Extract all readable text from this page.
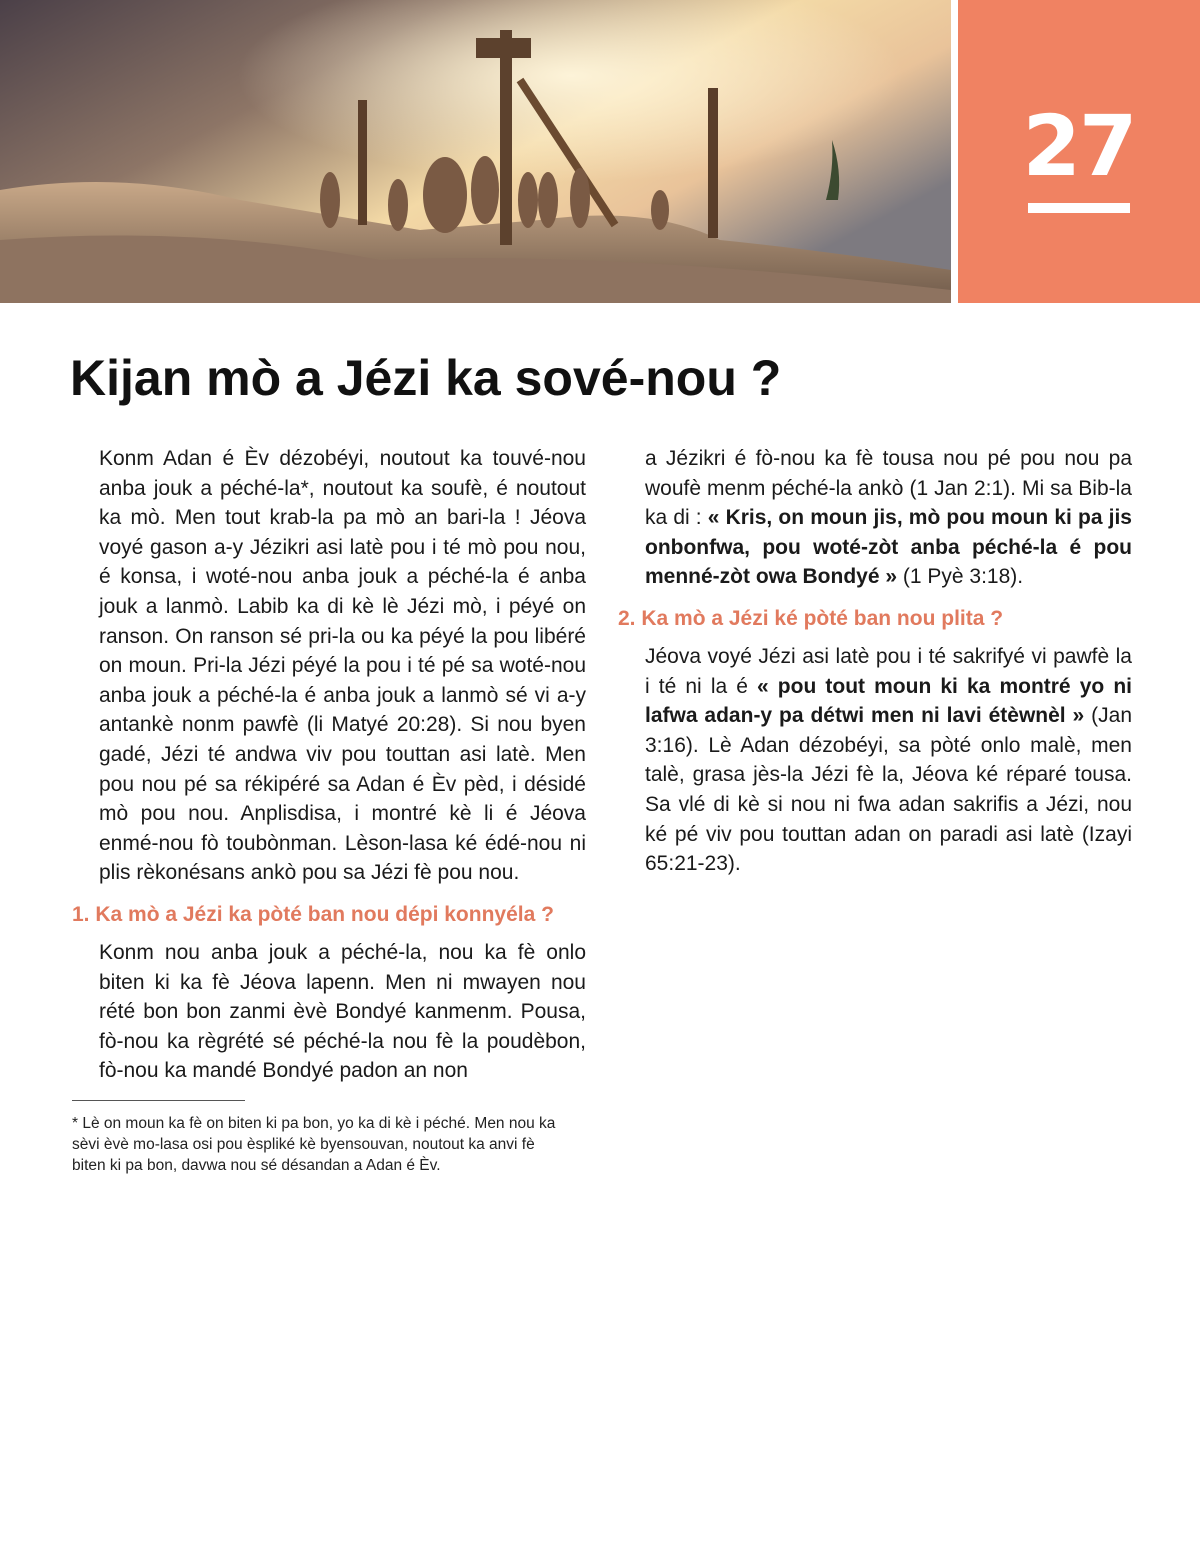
27
Kijan mò a Jézi ka sové-nou ?

Konm Adan é Èv dézobéyi, noutout ka touvé-nou anba jouk a péché-la*, noutout ka soufè, é noutout ka mò. Men tout krab-la pa mò an bari-la ! Jéova voyé gason a-y Jézikri asi latè pou i té mò pou nou, é konsa, i woté-nou anba jouk a péché-la é anba jouk a lanmò. Labib ka di kè lè Jézi mò, i péyé on ranson. On ranson sé pri-la ou ka péyé la pou libéré on moun. Pri-la Jézi péyé la pou i té pé sa woté-nou anba jouk a péché-la é anba jouk a lanmò sé vi a-y antankè nonm pawfè (li Matyé 20:28). Si nou byen gadé, Jézi té andwa viv pou touttan asi latè. Men pou nou pé sa rékipéré sa Adan é Èv pèd, i désidé mò pou nou. Anplisdisa, i montré kè li é Jéova enmé-nou fò toubònman. Lèson-lasa ké édé-nou ni plis rèkonésans ankò pou sa Jézi fè pou nou.

1. Ka mò a Jézi ka pòté ban nou dépi konnyéla ?

Konm nou anba jouk a péché-la, nou ka fè onlo biten ki ka fè Jéova lapenn. Men ni mwayen nou rété bon bon zanmi èvè Bondyé kanmenm. Pousa, fò-nou ka règrété sé péché-la nou fè la poudèbon, fò-nou ka mandé Bondyé padon an non

* Lè on moun ka fè on biten ki pa bon, yo ka di kè i péché. Men nou ka sèvi èvè mo-lasa osi pou èspliké kè byensouvan, noutout ka anvi fè biten ki pa bon, davwa nou sé désandan a Adan é Èv.

a Jézikri é fò-nou ka fè tousa nou pé pou nou pa woufè menm péché-la ankò (1 Jan 2:1). Mi sa Bib-la ka di : « Kris, on moun jis, mò pou moun ki pa jis onbonfwa, pou woté-zòt anba péché-la é pou menné-zòt owa Bondyé » (1 Pyè 3:18).

2. Ka mò a Jézi ké pòté ban nou plita ?

Jéova voyé Jézi asi latè pou i té sakrifyé vi pawfè la i té ni la é « pou tout moun ki ka montré yo ni lafwa adan-y pa détwi men ni lavi étèwnèl » (Jan 3:16). Lè Adan dézobéyi, sa pòté onlo malè, men talè, grasa jès-la Jézi fè la, Jéova ké réparé tousa. Sa vlé di kè si nou ni fwa adan sakrifis a Jézi, nou ké pé viv pou touttan adan on paradi asi latè (Izayi 65:21-23).
